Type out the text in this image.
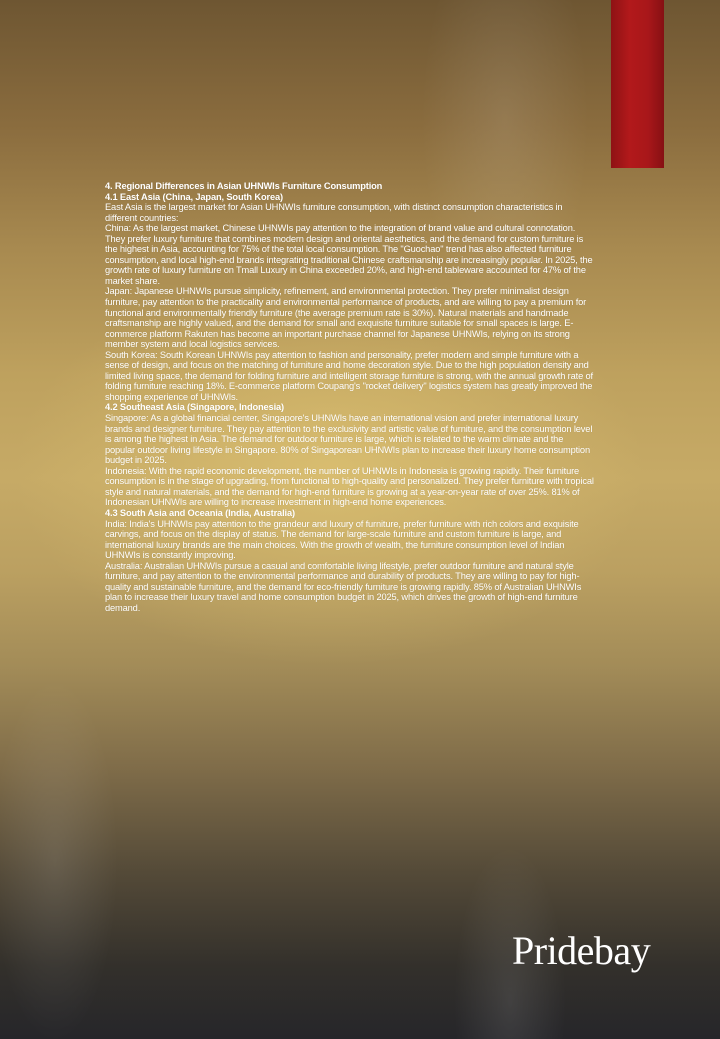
4. Regional Differences in Asian UHNWIs Furniture Consumption

4.1 East Asia (China, Japan, South Korea)

East Asia is the largest market for Asian UHNWIs furniture consumption, with distinct consumption characteristics in different countries:

China: As the largest market, Chinese UHNWIs pay attention to the integration of brand value and cultural connotation. They prefer luxury furniture that combines modern design and oriental aesthetics, and the demand for custom furniture is the highest in Asia, accounting for 75% of the total local consumption. The "Guochao" trend has also affected furniture consumption, and local high-end brands integrating traditional Chinese craftsmanship are increasingly popular. In 2025, the growth rate of luxury furniture on Tmall Luxury in China exceeded 20%, and high-end tableware accounted for 47% of the market share.

Japan: Japanese UHNWIs pursue simplicity, refinement, and environmental protection. They prefer minimalist design furniture, pay attention to the practicality and environmental performance of products, and are willing to pay a premium for functional and environmentally friendly furniture (the average premium rate is 30%). Natural materials and handmade craftsmanship are highly valued, and the demand for small and exquisite furniture suitable for small spaces is large. E-commerce platform Rakuten has become an important purchase channel for Japanese UHNWIs, relying on its strong member system and local logistics services.

South Korea: South Korean UHNWIs pay attention to fashion and personality, prefer modern and simple furniture with a sense of design, and focus on the matching of furniture and home decoration style. Due to the high population density and limited living space, the demand for folding furniture and intelligent storage furniture is strong, with the annual growth rate of folding furniture reaching 18%. E-commerce platform Coupang's "rocket delivery" logistics system has greatly improved the shopping experience of UHNWIs.

4.2 Southeast Asia (Singapore, Indonesia)

Singapore: As a global financial center, Singapore's UHNWIs have an international vision and prefer international luxury brands and designer furniture. They pay attention to the exclusivity and artistic value of furniture, and the consumption level is among the highest in Asia. The demand for outdoor furniture is large, which is related to the warm climate and the popular outdoor living lifestyle in Singapore. 80% of Singaporean UHNWIs plan to increase their luxury home consumption budget in 2025.

Indonesia: With the rapid economic development, the number of UHNWIs in Indonesia is growing rapidly. Their furniture consumption is in the stage of upgrading, from functional to high-quality and personalized. They prefer furniture with tropical style and natural materials, and the demand for high-end furniture is growing at a year-on-year rate of over 25%. 81% of Indonesian UHNWIs are willing to increase investment in high-end home experiences.

4.3 South Asia and Oceania (India, Australia)

India: India's UHNWIs pay attention to the grandeur and luxury of furniture, prefer furniture with rich colors and exquisite carvings, and focus on the display of status. The demand for large-scale furniture and custom furniture is large, and international luxury brands are the main choices. With the growth of wealth, the furniture consumption level of Indian UHNWIs is constantly improving.

Australia: Australian UHNWIs pursue a casual and comfortable living lifestyle, prefer outdoor furniture and natural style furniture, and pay attention to the environmental performance and durability of products. They are willing to pay for high-quality and sustainable furniture, and the demand for eco-friendly furniture is growing rapidly. 85% of Australian UHNWIs plan to increase their luxury travel and home consumption budget in 2025, which drives the growth of high-end furniture demand.

Pridebay
